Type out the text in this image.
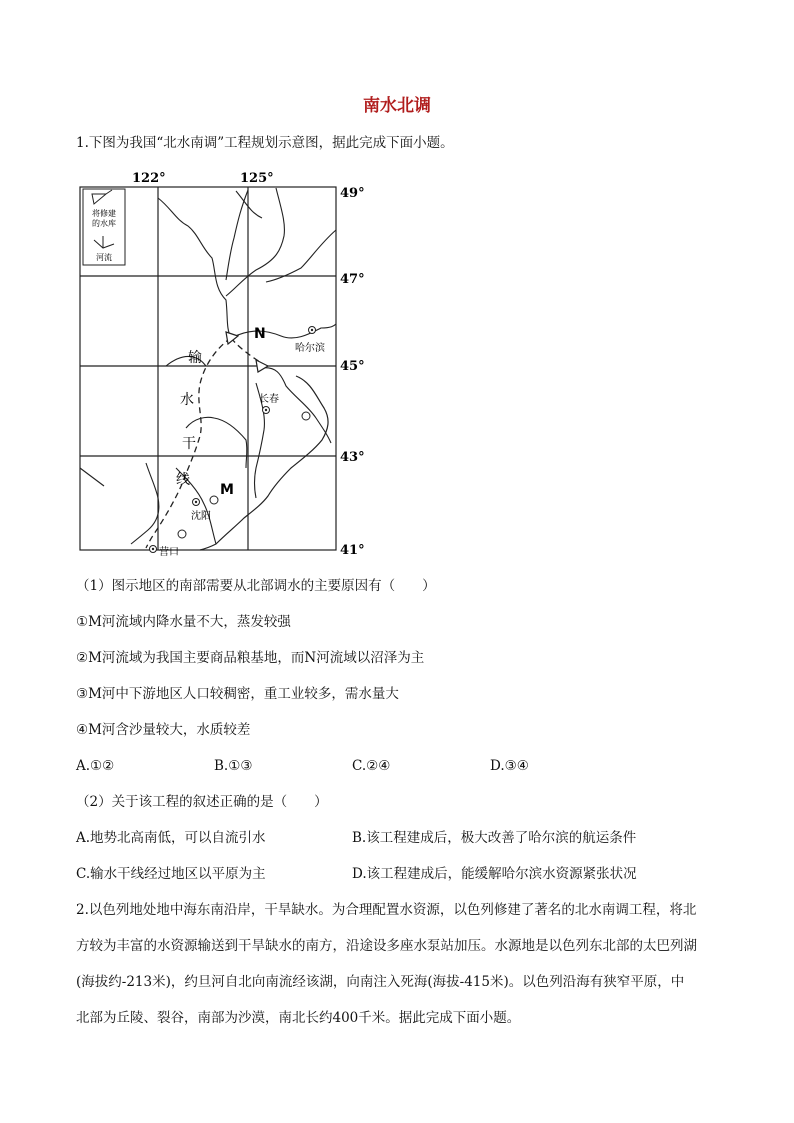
南水北调
1.下图为我国“北水南调”工程规划示意图，据此完成下面小题。
122°	125°
49°
47°
45°
43°
41°
将修建的水库
河流
N
M
哈尔滨
长春
沈阳
营口
输
水
干
线
（1）图示地区的南部需要从北部调水的主要原因有（　　）
①M河流域内降水量不大，蒸发较强
②M河流域为我国主要商品粮基地，而N河流域以沼泽为主
③M河中下游地区人口较稠密，重工业较多，需水量大
④M河含沙量较大，水质较差
A.①②	B.①③	C.②④	D.③④
（2）关于该工程的叙述正确的是（　　）
A.地势北高南低，可以自流引水	B.该工程建成后，极大改善了哈尔滨的航运条件
C.输水干线经过地区以平原为主	D.该工程建成后，能缓解哈尔滨水资源紧张状况
2.以色列地处地中海东南沿岸，干旱缺水。为合理配置水资源，以色列修建了著名的北水南调工程，将北
方较为丰富的水资源输送到干旱缺水的南方，沿途设多座水泵站加压。水源地是以色列东北部的太巴列湖
(海拔约-213米)，约旦河自北向南流经该湖，向南注入死海(海拔-415米)。以色列沿海有狭窄平原，中
北部为丘陵、裂谷，南部为沙漠，南北长约400千米。据此完成下面小题。
